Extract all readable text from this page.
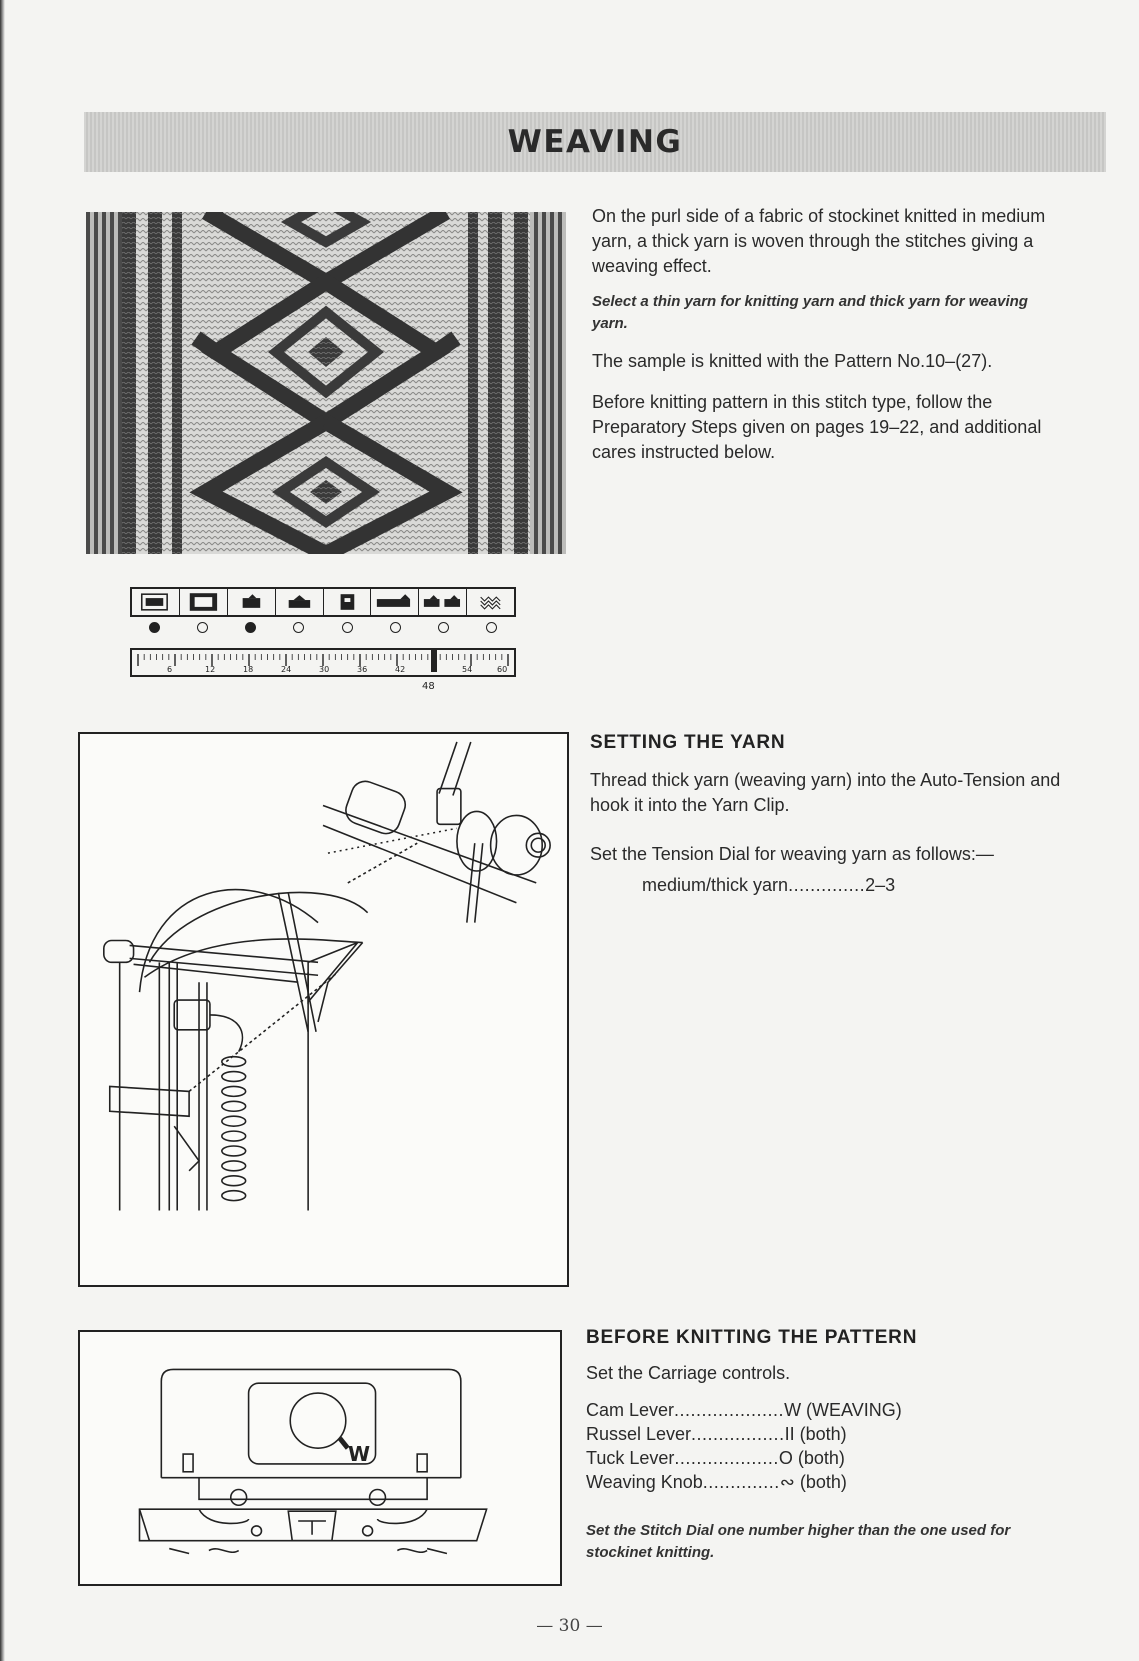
WEAVING

On the purl side of a fabric of stockinet knitted in medium yarn, a thick yarn is woven through the stitches giving a weaving effect.

Select a thin yarn for knitting yarn and thick yarn for weaving yarn.

The sample is knitted with the Pattern No.10–(27).

Before knitting pattern in this stitch type, follow the Preparatory Steps given on pages 19–22, and additional cares instructed below.

6	12	18	24	30	36	42	54	60
48
SETTING THE YARN

Thread thick yarn (weaving yarn) into the Auto-Tension and hook it into the Yarn Clip.

Set the Tension Dial for weaving yarn as follows:—

medium/thick yarn..............2–3

W
BEFORE KNITTING THE PATTERN

Set the Carriage controls.

Cam Lever....................W (WEAVING)
Russel Lever.................II (both)
Tuck Lever...................O (both)
Weaving Knob..............∾ (both)

Set the Stitch Dial one number higher than the one used for stockinet knitting.

— 30 —
